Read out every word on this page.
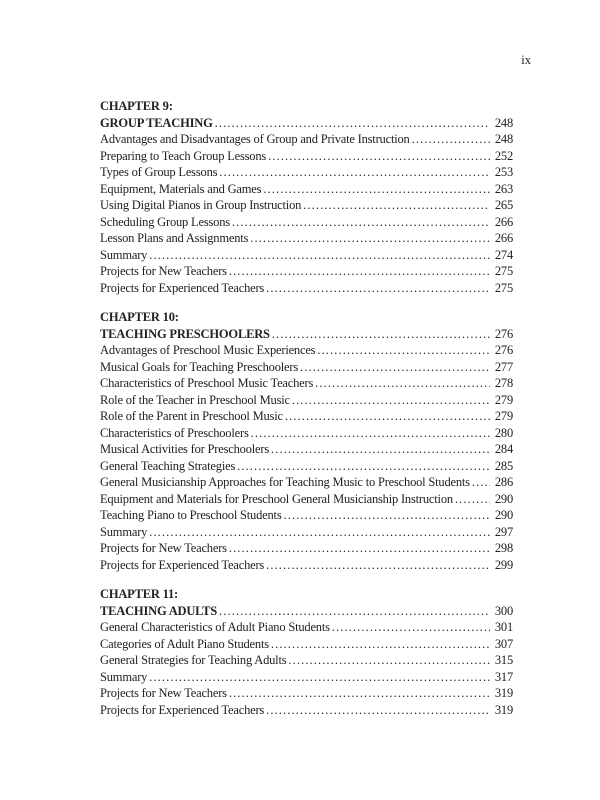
ix
CHAPTER 9:
GROUP TEACHING .....	248
Advantages and Disadvantages of Group and Private Instruction .....	248
Preparing to Teach Group Lessons .....	252
Types of Group Lessons .....	253
Equipment, Materials and Games .....	263
Using Digital Pianos in Group Instruction .....	265
Scheduling Group Lessons .....	266
Lesson Plans and Assignments .....	266
Summary .....	274
Projects for New Teachers .....	275
Projects for Experienced Teachers .....	275
CHAPTER 10:
TEACHING PRESCHOOLERS .....	276
Advantages of Preschool Music Experiences .....	276
Musical Goals for Teaching Preschoolers .....	277
Characteristics of Preschool Music Teachers .....	278
Role of the Teacher in Preschool Music .....	279
Role of the Parent in Preschool Music .....	279
Characteristics of Preschoolers .....	280
Musical Activities for Preschoolers .....	284
General Teaching Strategies .....	285
General Musicianship Approaches for Teaching Music to Preschool Students ..... 286
Equipment and Materials for Preschool General Musicianship Instruction .....	290
Teaching Piano to Preschool Students .....	290
Summary .....	297
Projects for New Teachers .....	298
Projects for Experienced Teachers .....	299
CHAPTER 11:
TEACHING ADULTS .....	300
General Characteristics of Adult Piano Students .....	301
Categories of Adult Piano Students .....	307
General Strategies for Teaching Adults .....	315
Summary .....	317
Projects for New Teachers .....	319
Projects for Experienced Teachers .....	319
